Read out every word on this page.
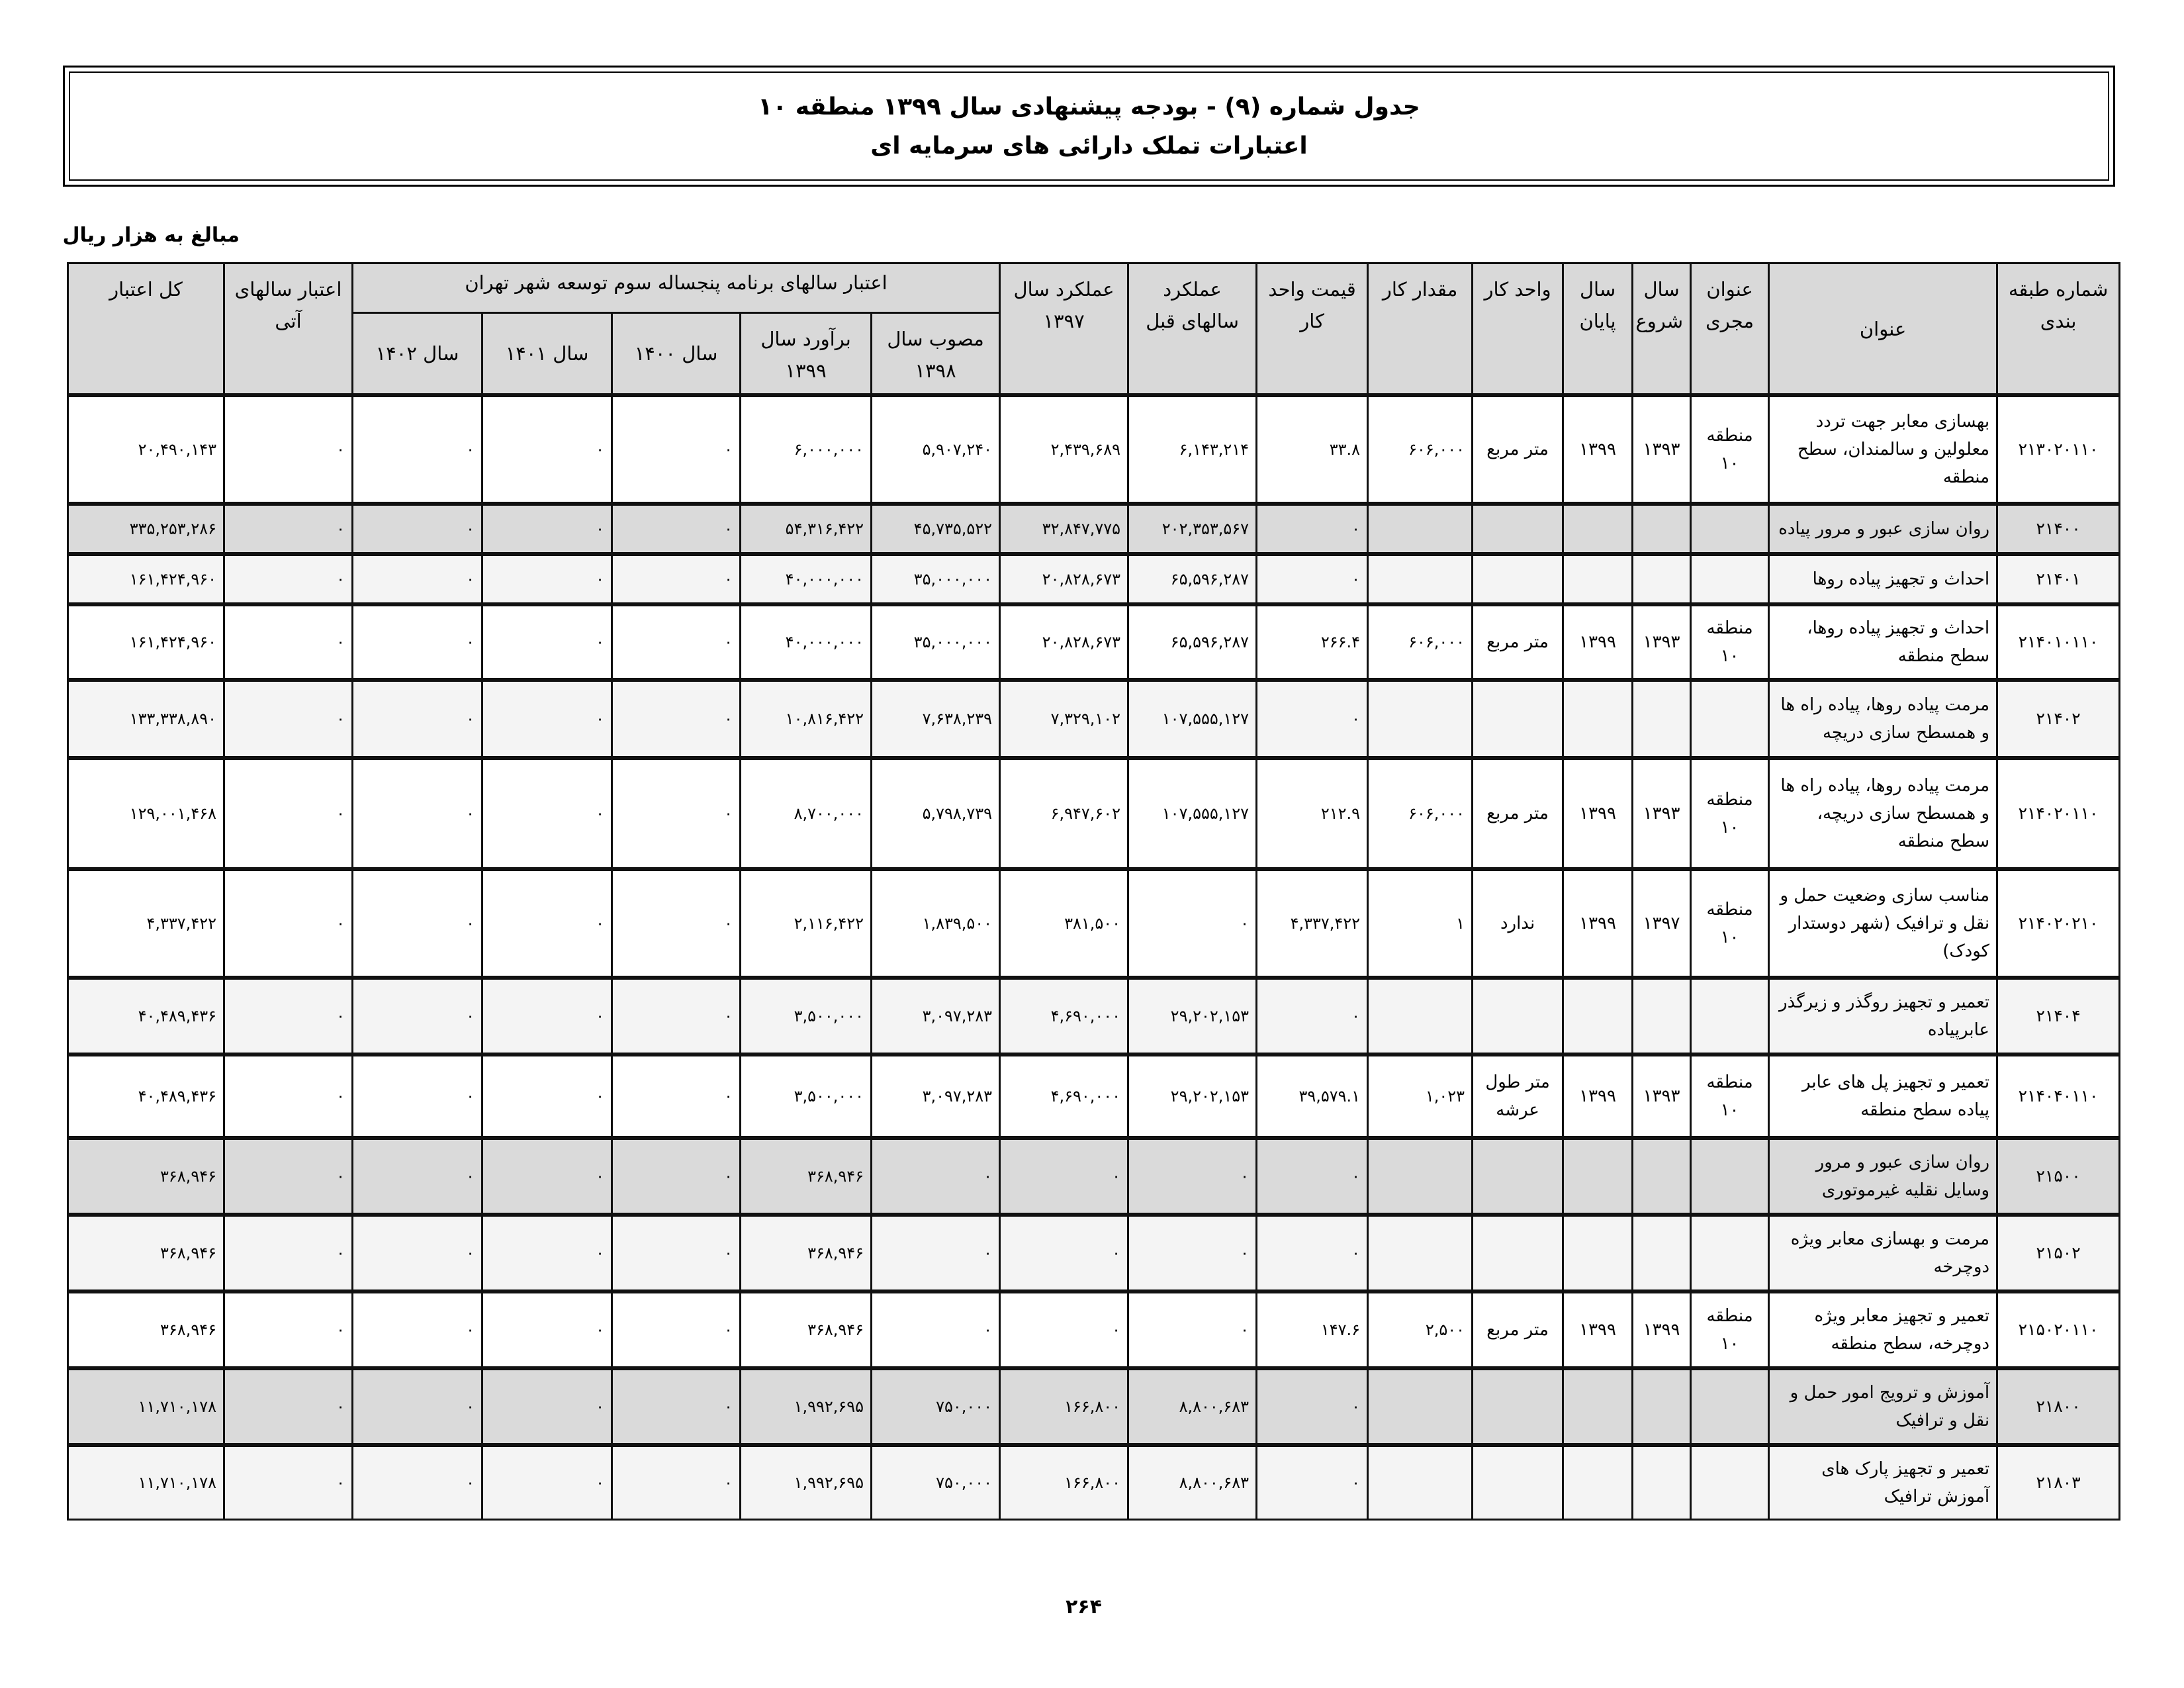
جدول شماره (۹) - بودجه پیشنهادی سال ۱۳۹۹ منطقه ۱۰
اعتبارات تملک دارائی های سرمایه ای
مبالغ به هزار ریال
شماره طبقه بندی	عنوان	عنوان مجری	سال شروع	سال پایان	واحد کار	مقدار کار	قیمت واحد کار	عملکرد سالهای قبل	عملکرد سال ۱۳۹۷	اعتبار سالهای برنامه پنجساله سوم توسعه شهر تهران					اعتبار سالهای آتی	کل اعتبار
										مصوب سال ۱۳۹۸	برآورد سال ۱۳۹۹	سال ۱۴۰۰	سال ۱۴۰۱	سال ۱۴۰۲		
۲۱۳۰۲۰۱۱۰	بهسازی معابر جهت تردد معلولین و سالمندان، سطح منطقه	منطقه ۱۰	۱۳۹۳	۱۳۹۹	متر مربع	۶۰۶,۰۰۰	۳۳.۸	۶,۱۴۳,۲۱۴	۲,۴۳۹,۶۸۹	۵,۹۰۷,۲۴۰	۶,۰۰۰,۰۰۰	۰	۰	۰	۰	۲۰,۴۹۰,۱۴۳
۲۱۴۰۰	روان سازی عبور و مرور پیاده						۰	۲۰۲,۳۵۳,۵۶۷	۳۲,۸۴۷,۷۷۵	۴۵,۷۳۵,۵۲۲	۵۴,۳۱۶,۴۲۲	۰	۰	۰	۰	۳۳۵,۲۵۳,۲۸۶
۲۱۴۰۱	احداث و تجهیز پیاده روها						۰	۶۵,۵۹۶,۲۸۷	۲۰,۸۲۸,۶۷۳	۳۵,۰۰۰,۰۰۰	۴۰,۰۰۰,۰۰۰	۰	۰	۰	۰	۱۶۱,۴۲۴,۹۶۰
۲۱۴۰۱۰۱۱۰	احداث و تجهیز پیاده روها، سطح منطقه	منطقه ۱۰	۱۳۹۳	۱۳۹۹	متر مربع	۶۰۶,۰۰۰	۲۶۶.۴	۶۵,۵۹۶,۲۸۷	۲۰,۸۲۸,۶۷۳	۳۵,۰۰۰,۰۰۰	۴۰,۰۰۰,۰۰۰	۰	۰	۰	۰	۱۶۱,۴۲۴,۹۶۰
۲۱۴۰۲	مرمت پیاده روها، پیاده راه ها و همسطح سازی دریچه						۰	۱۰۷,۵۵۵,۱۲۷	۷,۳۲۹,۱۰۲	۷,۶۳۸,۲۳۹	۱۰,۸۱۶,۴۲۲	۰	۰	۰	۰	۱۳۳,۳۳۸,۸۹۰
۲۱۴۰۲۰۱۱۰	مرمت پیاده روها، پیاده راه ها و همسطح سازی دریچه، سطح منطقه	منطقه ۱۰	۱۳۹۳	۱۳۹۹	متر مربع	۶۰۶,۰۰۰	۲۱۲.۹	۱۰۷,۵۵۵,۱۲۷	۶,۹۴۷,۶۰۲	۵,۷۹۸,۷۳۹	۸,۷۰۰,۰۰۰	۰	۰	۰	۰	۱۲۹,۰۰۱,۴۶۸
۲۱۴۰۲۰۲۱۰	مناسب سازی وضعیت حمل و نقل و ترافیک (شهر دوستدار کودک)	منطقه ۱۰	۱۳۹۷	۱۳۹۹	ندارد	۱	۴,۳۳۷,۴۲۲	۰	۳۸۱,۵۰۰	۱,۸۳۹,۵۰۰	۲,۱۱۶,۴۲۲	۰	۰	۰	۰	۴,۳۳۷,۴۲۲
۲۱۴۰۴	تعمیر و تجهیز روگذر و زیرگذر عابرپیاده						۰	۲۹,۲۰۲,۱۵۳	۴,۶۹۰,۰۰۰	۳,۰۹۷,۲۸۳	۳,۵۰۰,۰۰۰	۰	۰	۰	۰	۴۰,۴۸۹,۴۳۶
۲۱۴۰۴۰۱۱۰	تعمیر و تجهیز پل های عابر پیاده سطح منطقه	منطقه ۱۰	۱۳۹۳	۱۳۹۹	متر طول عرشه	۱,۰۲۳	۳۹,۵۷۹.۱	۲۹,۲۰۲,۱۵۳	۴,۶۹۰,۰۰۰	۳,۰۹۷,۲۸۳	۳,۵۰۰,۰۰۰	۰	۰	۰	۰	۴۰,۴۸۹,۴۳۶
۲۱۵۰۰	روان سازی عبور و مرور وسایل نقلیه غیرموتوری						۰	۰	۰	۰	۳۶۸,۹۴۶	۰	۰	۰	۰	۳۶۸,۹۴۶
۲۱۵۰۲	مرمت و بهسازی معابر ویژه دوچرخه						۰	۰	۰	۰	۳۶۸,۹۴۶	۰	۰	۰	۰	۳۶۸,۹۴۶
۲۱۵۰۲۰۱۱۰	تعمیر و تجهیز معابر ویژه دوچرخه، سطح منطقه	منطقه ۱۰	۱۳۹۹	۱۳۹۹	متر مربع	۲,۵۰۰	۱۴۷.۶	۰	۰	۰	۳۶۸,۹۴۶	۰	۰	۰	۰	۳۶۸,۹۴۶
۲۱۸۰۰	آموزش و ترویج امور حمل و نقل و ترافیک						۰	۸,۸۰۰,۶۸۳	۱۶۶,۸۰۰	۷۵۰,۰۰۰	۱,۹۹۲,۶۹۵	۰	۰	۰	۰	۱۱,۷۱۰,۱۷۸
۲۱۸۰۳	تعمیر و تجهیز پارک های آموزش ترافیک						۰	۸,۸۰۰,۶۸۳	۱۶۶,۸۰۰	۷۵۰,۰۰۰	۱,۹۹۲,۶۹۵	۰	۰	۰	۰	۱۱,۷۱۰,۱۷۸
۲۶۴
